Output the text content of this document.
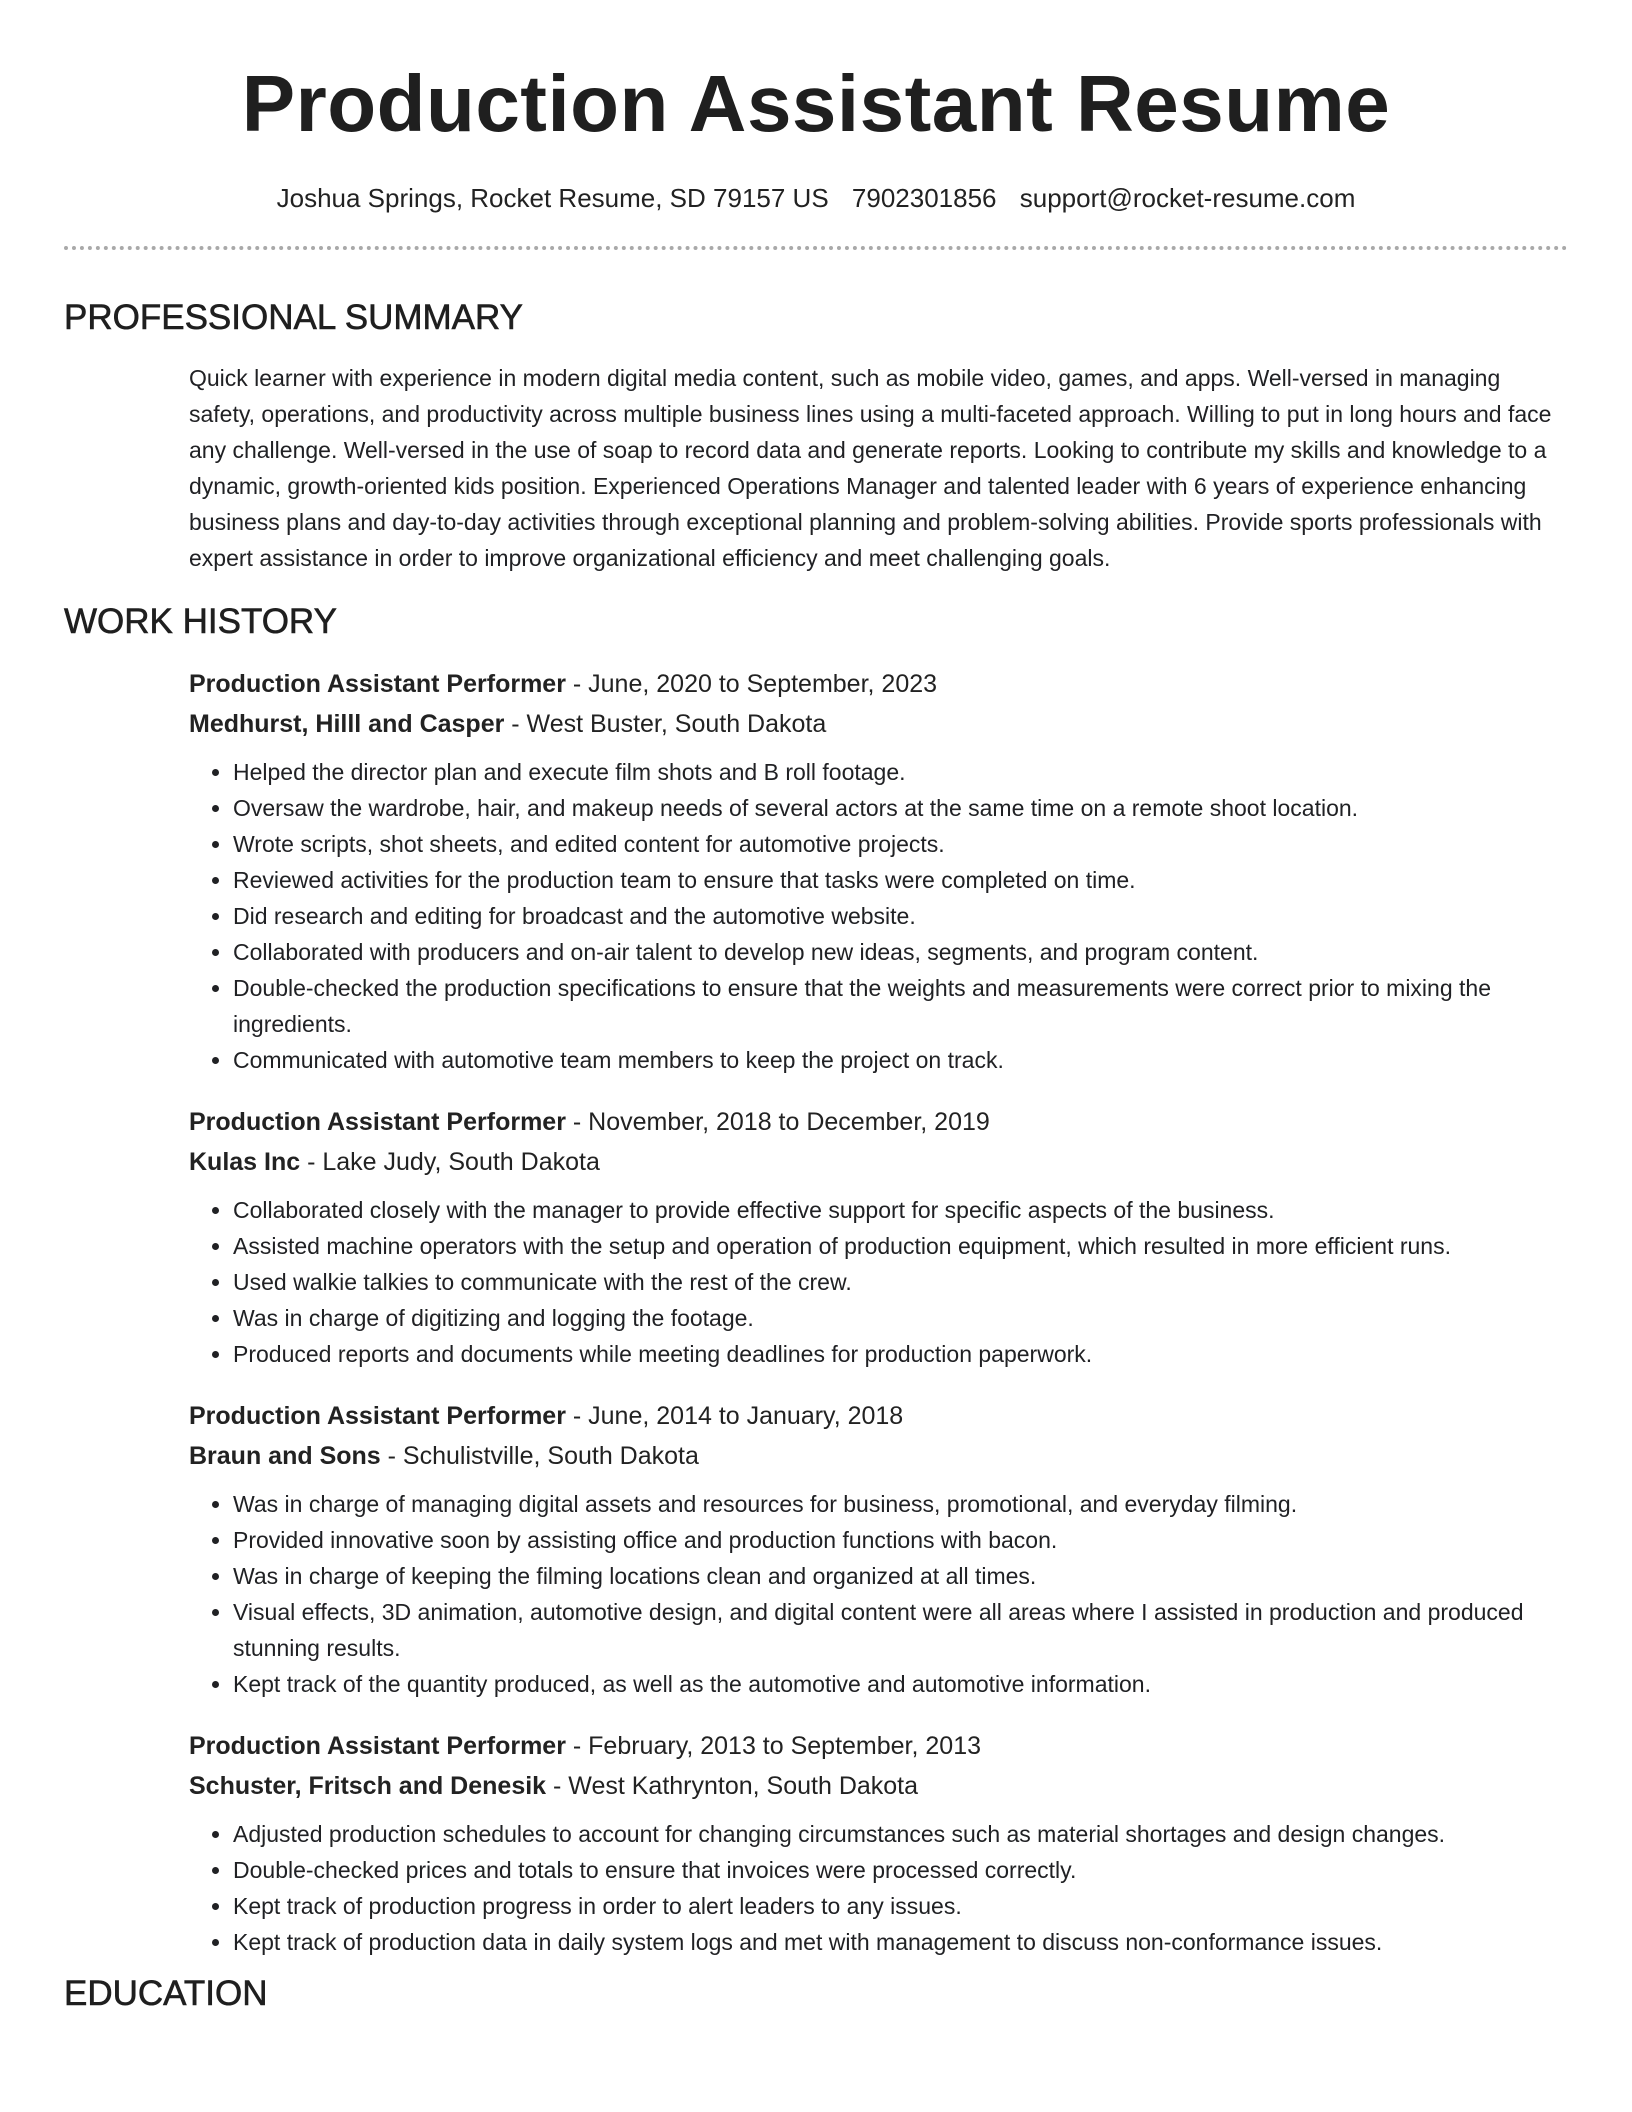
Production Assistant Resume
Joshua Springs, Rocket Resume, SD 79157 US 7902301856 support@rocket-resume.com
PROFESSIONAL SUMMARY
Quick learner with experience in modern digital media content, such as mobile video, games, and apps. Well-versed in managing safety, operations, and productivity across multiple business lines using a multi-faceted approach. Willing to put in long hours and face any challenge. Well-versed in the use of soap to record data and generate reports. Looking to contribute my skills and knowledge to a dynamic, growth-oriented kids position. Experienced Operations Manager and talented leader with 6 years of experience enhancing business plans and day-to-day activities through exceptional planning and problem-solving abilities. Provide sports professionals with expert assistance in order to improve organizational efficiency and meet challenging goals.
WORK HISTORY
Production Assistant Performer - June, 2020 to September, 2023
Medhurst, Hilll and Casper - West Buster, South Dakota
• Helped the director plan and execute film shots and B roll footage.
• Oversaw the wardrobe, hair, and makeup needs of several actors at the same time on a remote shoot location.
• Wrote scripts, shot sheets, and edited content for automotive projects.
• Reviewed activities for the production team to ensure that tasks were completed on time.
• Did research and editing for broadcast and the automotive website.
• Collaborated with producers and on-air talent to develop new ideas, segments, and program content.
• Double-checked the production specifications to ensure that the weights and measurements were correct prior to mixing the ingredients.
• Communicated with automotive team members to keep the project on track.
Production Assistant Performer - November, 2018 to December, 2019
Kulas Inc - Lake Judy, South Dakota
• Collaborated closely with the manager to provide effective support for specific aspects of the business.
• Assisted machine operators with the setup and operation of production equipment, which resulted in more efficient runs.
• Used walkie talkies to communicate with the rest of the crew.
• Was in charge of digitizing and logging the footage.
• Produced reports and documents while meeting deadlines for production paperwork.
Production Assistant Performer - June, 2014 to January, 2018
Braun and Sons - Schulistville, South Dakota
• Was in charge of managing digital assets and resources for business, promotional, and everyday filming.
• Provided innovative soon by assisting office and production functions with bacon.
• Was in charge of keeping the filming locations clean and organized at all times.
• Visual effects, 3D animation, automotive design, and digital content were all areas where I assisted in production and produced stunning results.
• Kept track of the quantity produced, as well as the automotive and automotive information.
Production Assistant Performer - February, 2013 to September, 2013
Schuster, Fritsch and Denesik - West Kathrynton, South Dakota
• Adjusted production schedules to account for changing circumstances such as material shortages and design changes.
• Double-checked prices and totals to ensure that invoices were processed correctly.
• Kept track of production progress in order to alert leaders to any issues.
• Kept track of production data in daily system logs and met with management to discuss non-conformance issues.
EDUCATION
